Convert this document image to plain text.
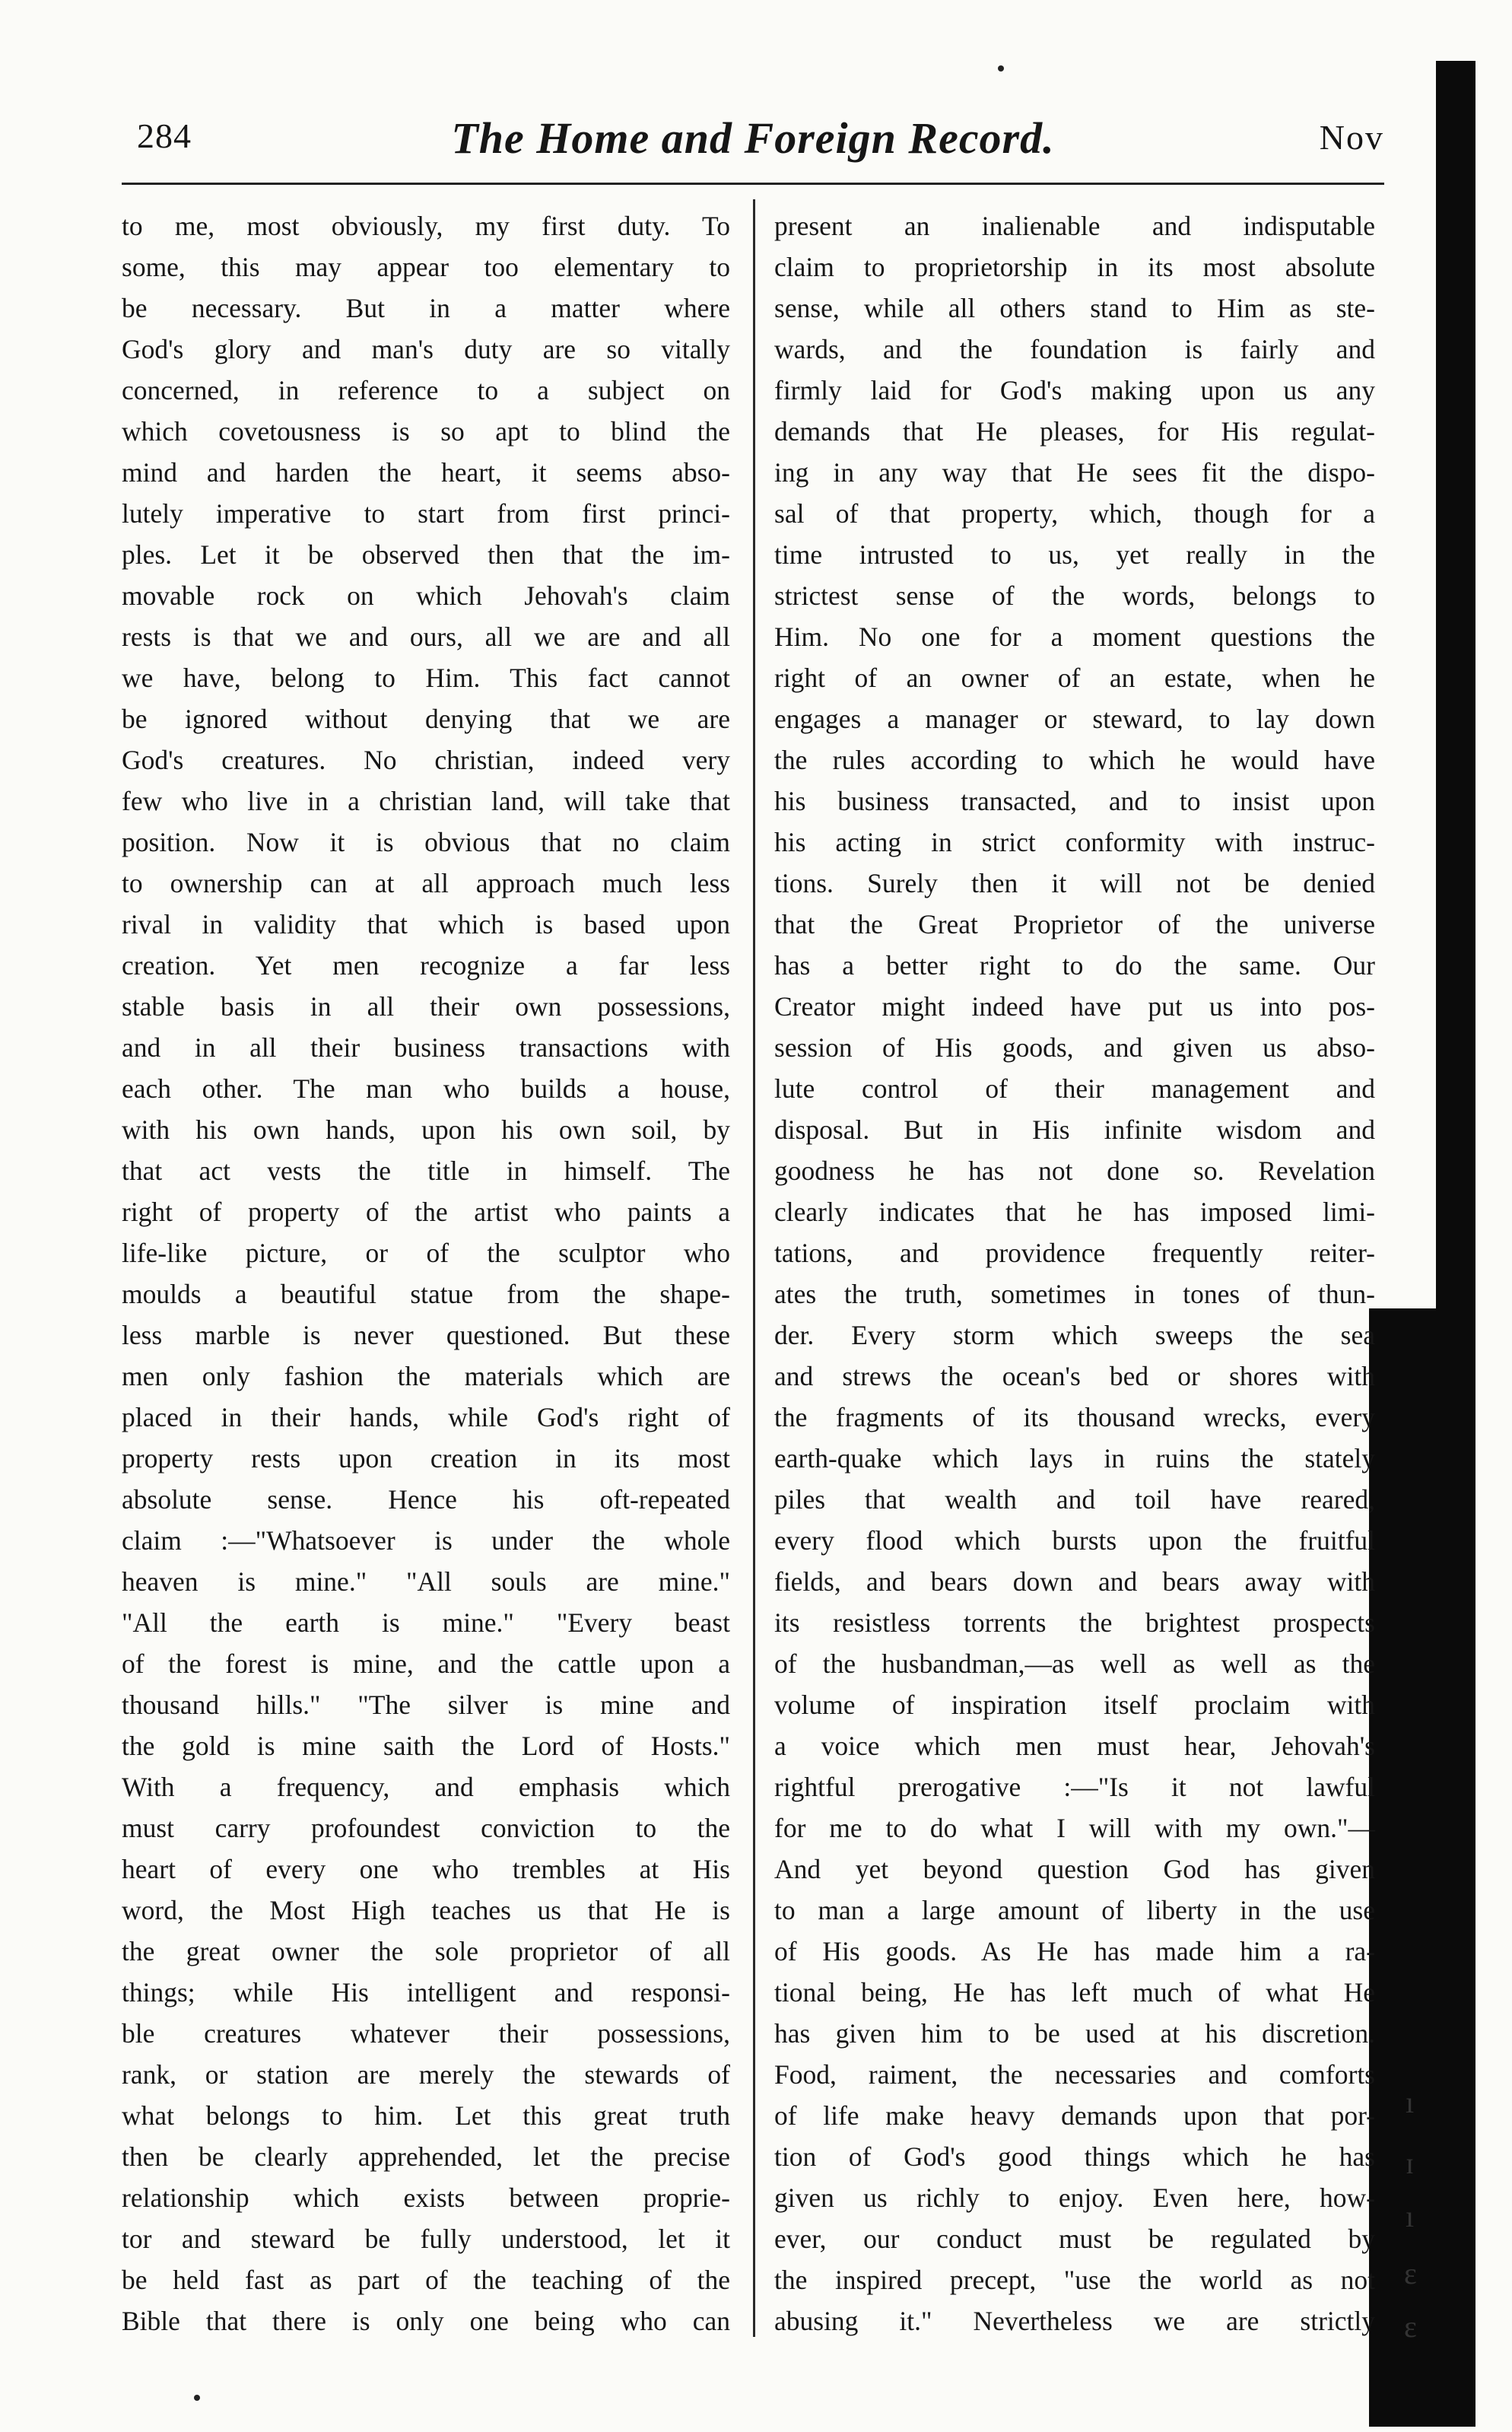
284	The Home and Foreign Record.	Nov
to me, most obviously, my first duty. To
some, this may appear too elementary to
be necessary. But in a matter where
God's glory and man's duty are so vitally
concerned, in reference to a subject on
which covetousness is so apt to blind the
mind and harden the heart, it seems abso-
lutely imperative to start from first princi-
ples. Let it be observed then that the im-
movable rock on which Jehovah's claim
rests is that we and ours, all we are and all
we have, belong to Him. This fact cannot
be ignored without denying that we are
God's creatures. No christian, indeed very
few who live in a christian land, will take that
position. Now it is obvious that no claim
to ownership can at all approach much less
rival in validity that which is based upon
creation. Yet men recognize a far less
stable basis in all their own possessions,
and in all their business transactions with
each other. The man who builds a house,
with his own hands, upon his own soil, by
that act vests the title in himself. The
right of property of the artist who paints a
life-like picture, or of the sculptor who
moulds a beautiful statue from the shape-
less marble is never questioned. But these
men only fashion the materials which are
placed in their hands, while God's right of
property rests upon creation in its most
absolute sense. Hence his oft-repeated
claim :—"Whatsoever is under the whole
heaven is mine." "All souls are mine."
"All the earth is mine." "Every beast
of the forest is mine, and the cattle upon a
thousand hills." "The silver is mine and
the gold is mine saith the Lord of Hosts."
With a frequency, and emphasis which
must carry profoundest conviction to the
heart of every one who trembles at His
word, the Most High teaches us that He is
the great owner the sole proprietor of all
things; while His intelligent and responsi-
ble creatures whatever their possessions,
rank, or station are merely the stewards of
what belongs to him. Let this great truth
then be clearly apprehended, let the precise
relationship which exists between proprie-
tor and steward be fully understood, let it
be held fast as part of the teaching of the
Bible that there is only one being who can
present an inalienable and indisputable
claim to proprietorship in its most absolute
sense, while all others stand to Him as ste-
wards, and the foundation is fairly and
firmly laid for God's making upon us any
demands that He pleases, for His regulat-
ing in any way that He sees fit the dispo-
sal of that property, which, though for a
time intrusted to us, yet really in the
strictest sense of the words, belongs to
Him. No one for a moment questions the
right of an owner of an estate, when he
engages a manager or steward, to lay down
the rules according to which he would have
his business transacted, and to insist upon
his acting in strict conformity with instruc-
tions. Surely then it will not be denied
that the Great Proprietor of the universe
has a better right to do the same. Our
Creator might indeed have put us into pos-
session of His goods, and given us abso-
lute control of their management and
disposal. But in His infinite wisdom and
goodness he has not done so. Revelation
clearly indicates that he has imposed limi-
tations, and providence frequently reiter-
ates the truth, sometimes in tones of thun-
der. Every storm which sweeps the sea
and strews the ocean's bed or shores with
the fragments of its thousand wrecks, every
earth-quake which lays in ruins the stately
piles that wealth and toil have reared,
every flood which bursts upon the fruitful
fields, and bears down and bears away with
its resistless torrents the brightest prospects
of the husbandman,—as well as well as the
volume of inspiration itself proclaim with
a voice which men must hear, Jehovah's
rightful prerogative :—"Is it not lawful
for me to do what I will with my own."—
And yet beyond question God has given
to man a large amount of liberty in the use
of His goods. As He has made him a ra-
tional being, He has left much of what He
has given him to be used at his discretion.
Food, raiment, the necessaries and comforts
of life make heavy demands upon that por-
tion of God's good things which he has
given us richly to enjoy. Even here, how-
ever, our conduct must be regulated by
the inspired precept, "use the world as not
abusing it." Nevertheless we are strictly
ı
ɪ
ı
ɛ
ɛ
